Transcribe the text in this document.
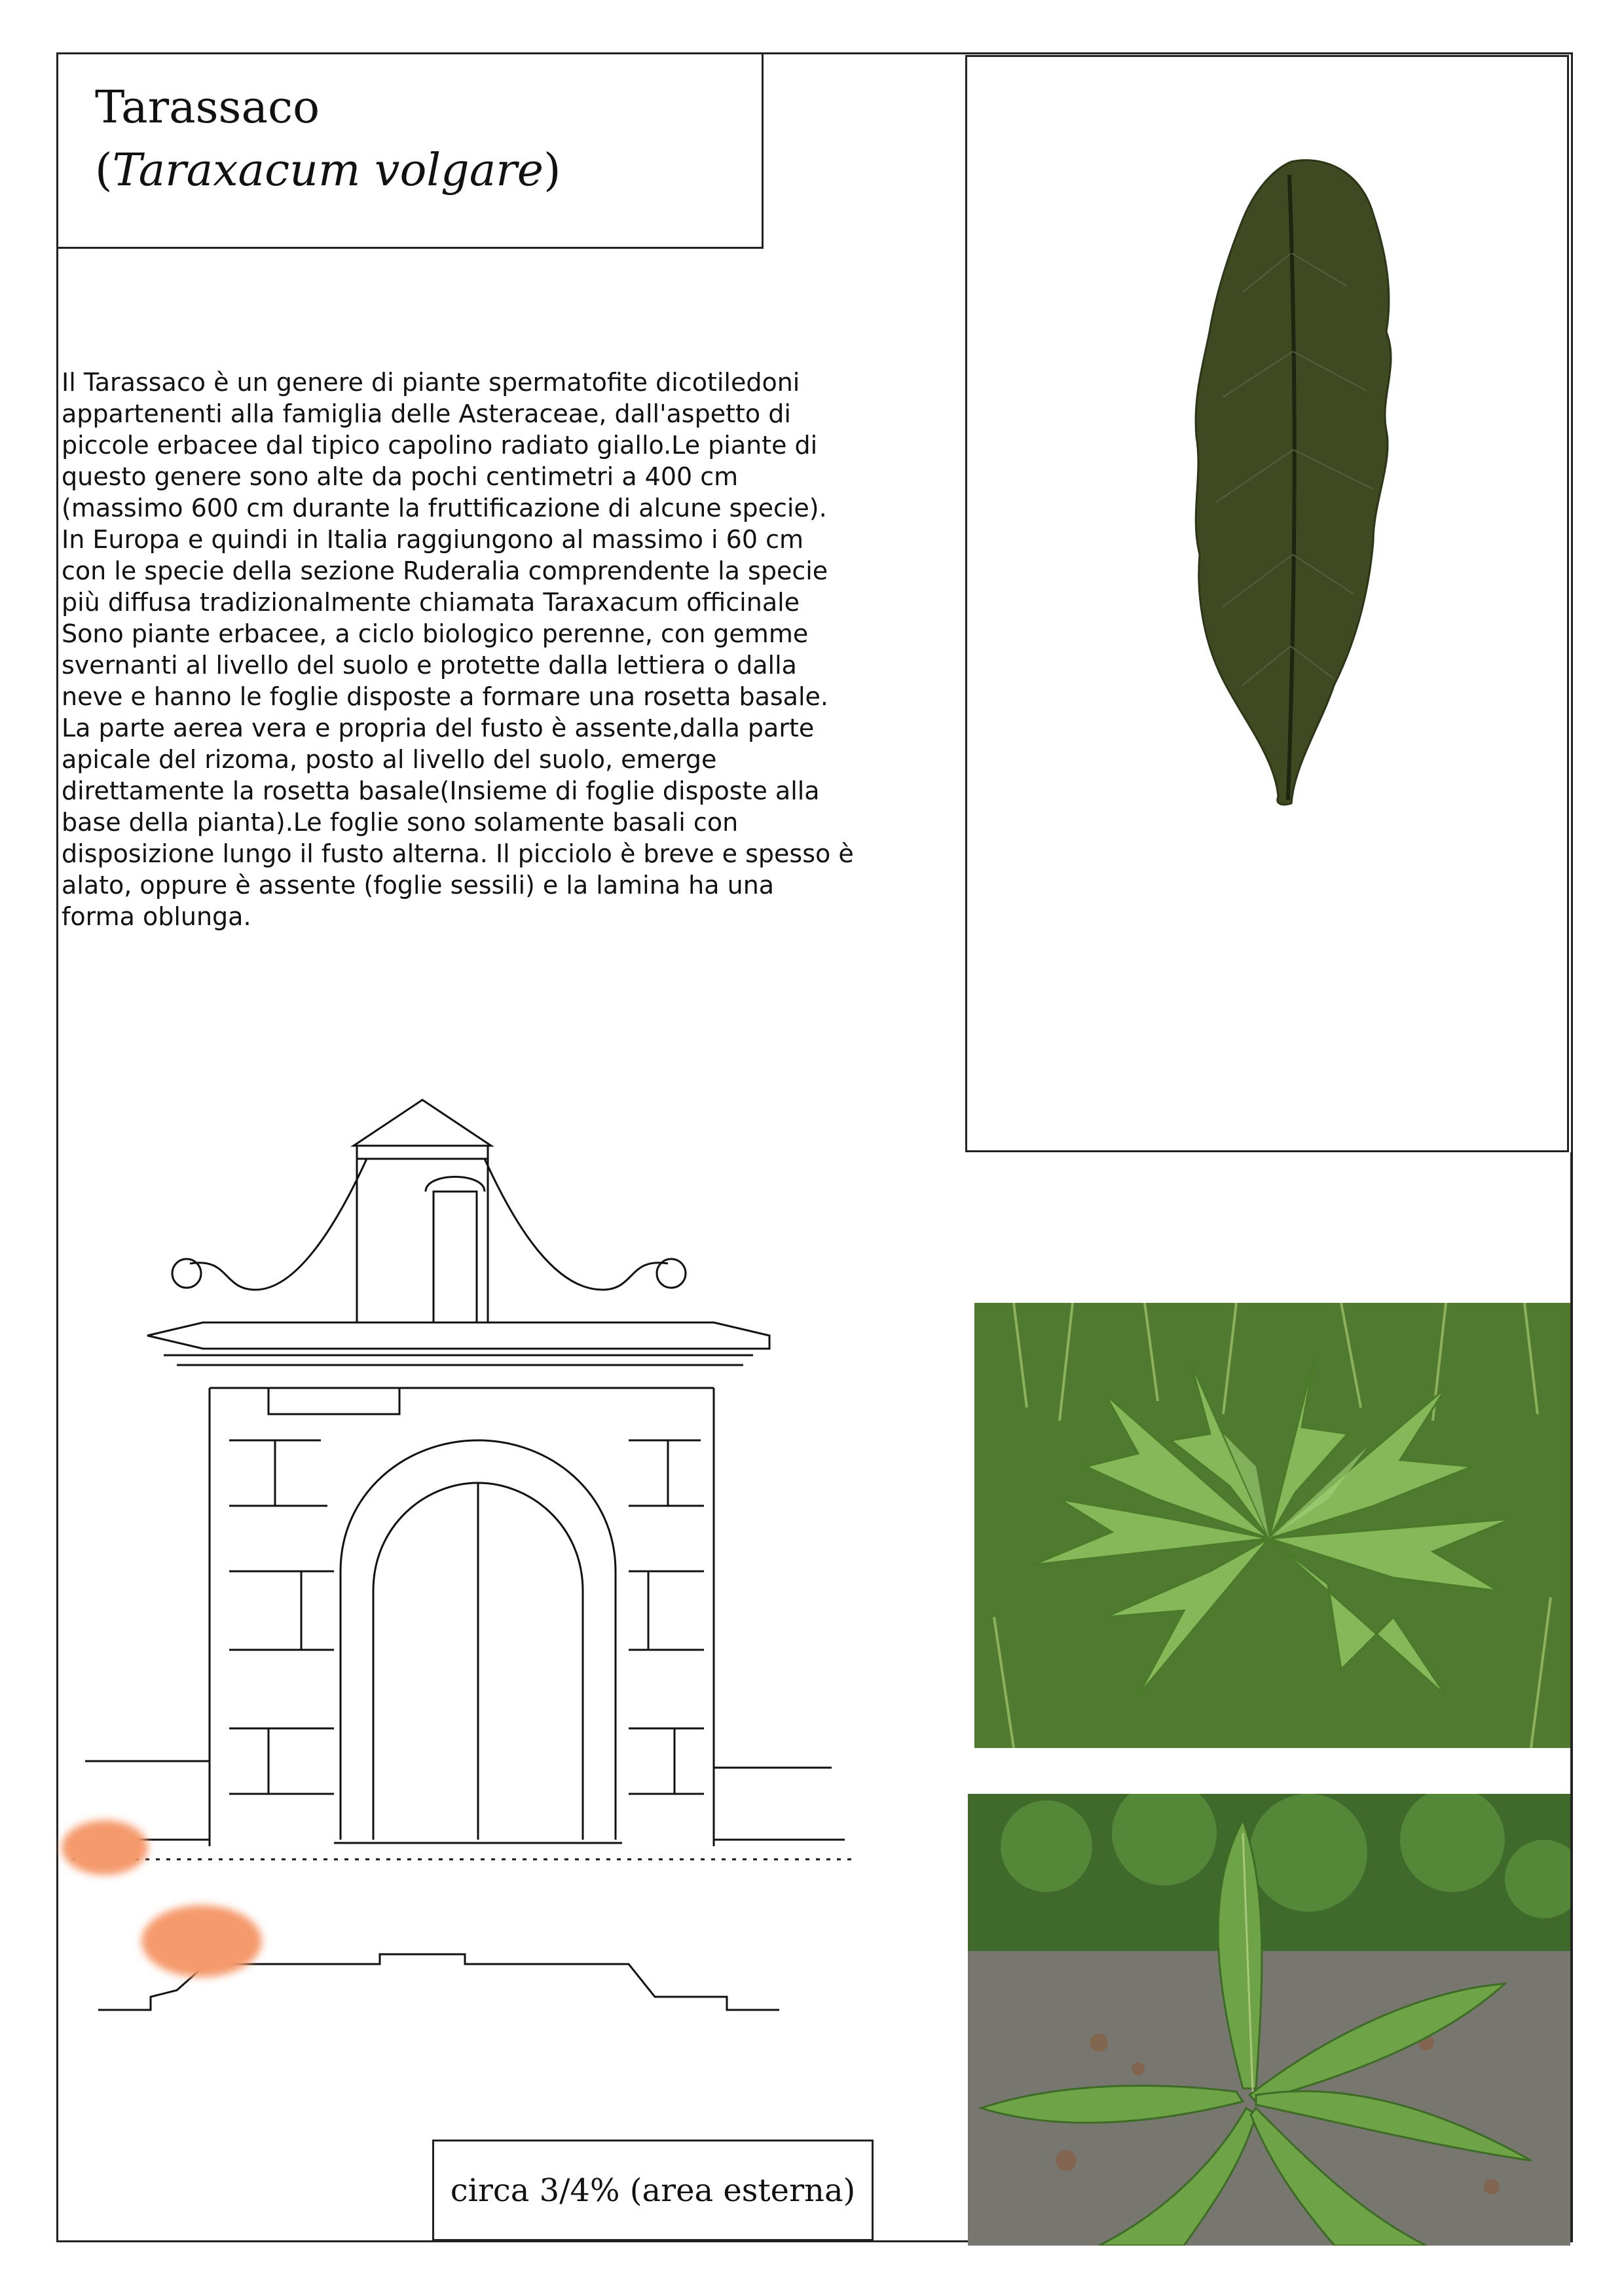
Tarassaco
(Taraxacum volgare)
Il Tarassaco è un genere di piante spermatofite dicotiledoni appartenenti alla famiglia delle Asteraceae, dall'aspetto di piccole erbacee dal tipico capolino radiato giallo.Le piante di questo genere sono alte da pochi centimetri a 400 cm (massimo 600 cm durante la fruttificazione di alcune specie). In Europa e quindi in Italia raggiungono al massimo i 60 cm con le specie della sezione Ruderalia comprendente la specie più diffusa tradizionalmente chiamata Taraxacum officinale Sono piante erbacee, a ciclo biologico perenne, con gemme svernanti al livello del suolo e protette dalla lettiera o dalla neve e hanno le foglie disposte a formare una rosetta basale. La parte aerea vera e propria del fusto è assente,dalla parte apicale del rizoma, posto al livello del suolo, emerge direttamente la rosetta basale(Insieme di foglie disposte alla base della pianta).Le foglie sono solamente basali con disposizione lungo il fusto alterna. Il picciolo è breve e spesso è alato, oppure è assente (foglie sessili) e la lamina ha una forma oblunga.
circa 3/4% (area esterna)
